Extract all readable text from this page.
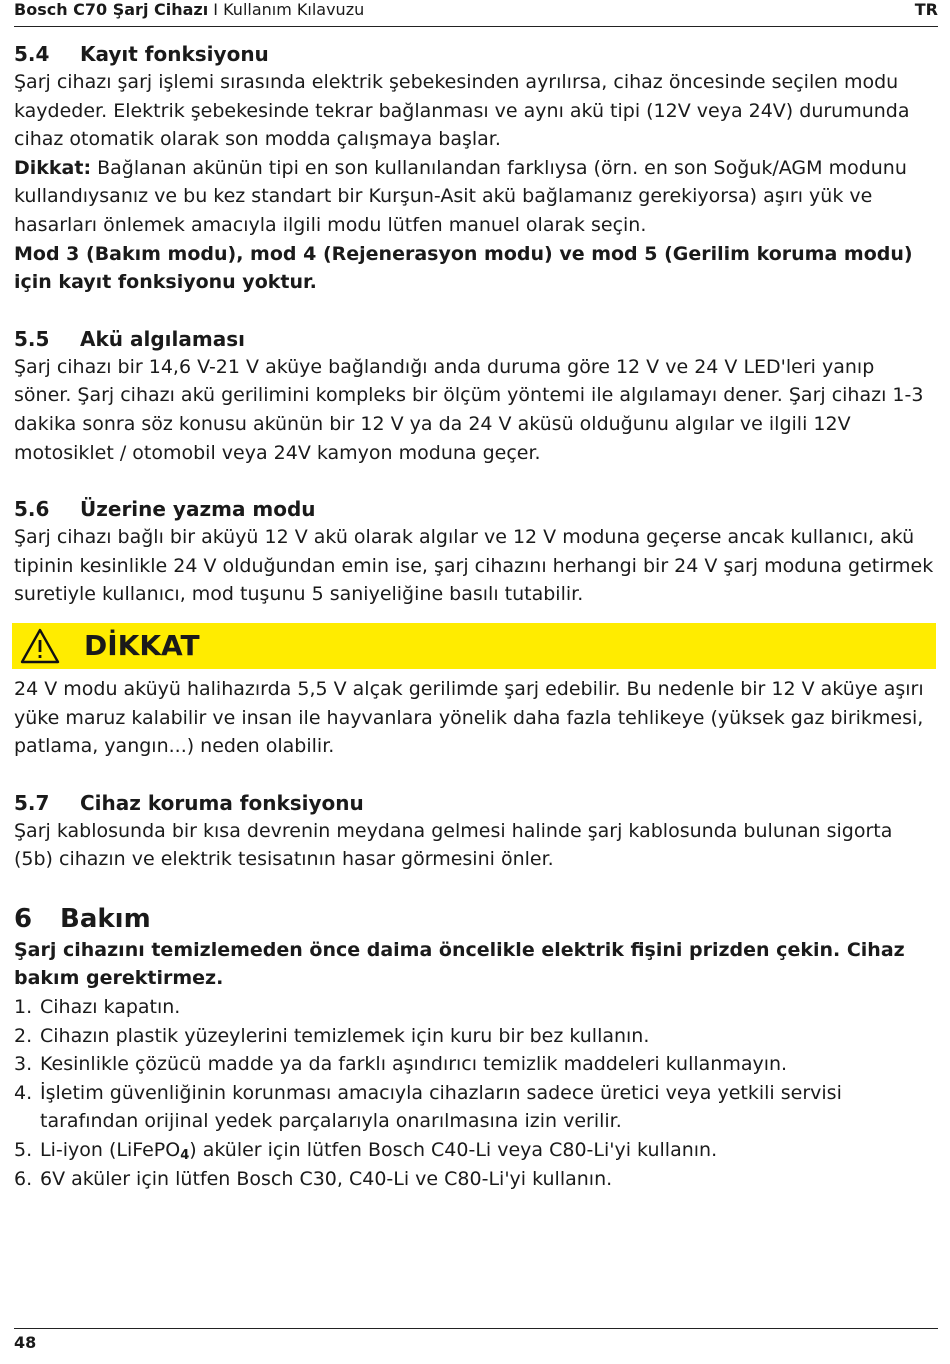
Bosch C70 Şarj Cihazı I Kullanım Kılavuzu	TR
5.4 Kayıt fonksiyonu

Şarj cihazı şarj işlemi sırasında elektrik şebekesinden ayrılırsa, cihaz öncesinde seçilen modu kaydeder. Elektrik şebekesinde tekrar bağlanması ve aynı akü tipi (12V veya 24V) durumunda cihaz otomatik olarak son modda çalışmaya başlar.

Dikkat: Bağlanan akünün tipi en son kullanılandan farklıysa (örn. en son Soğuk/AGM modunu kullandıysanız ve bu kez standart bir Kurşun-Asit akü bağlamanız gerekiyorsa) aşırı yük ve hasarları önlemek amacıyla ilgili modu lütfen manuel olarak seçin.

Mod 3 (Bakım modu), mod 4 (Rejenerasyon modu) ve mod 5 (Gerilim koruma modu) için kayıt fonksiyonu yoktur.

5.5 Akü algılaması

Şarj cihazı bir 14,6 V-21 V aküye bağlandığı anda duruma göre 12 V ve 24 V LED'leri yanıp söner. Şarj cihazı akü gerilimini kompleks bir ölçüm yöntemi ile algılamayı dener. Şarj cihazı 1-3 dakika sonra söz konusu akünün bir 12 V ya da 24 V aküsü olduğunu algılar ve ilgili 12V motosiklet / otomobil veya 24V kamyon moduna geçer.

5.6 Üzerine yazma modu

Şarj cihazı bağlı bir aküyü 12 V akü olarak algılar ve 12 V moduna geçerse ancak kullanıcı, akü tipinin kesinlikle 24 V olduğundan emin ise, şarj cihazını herhangi bir 24 V şarj moduna getirmek suretiyle kullanıcı, mod tuşunu 5 saniyeliğine basılı tutabilir.

DİKKAT

24 V modu aküyü halihazırda 5,5 V alçak gerilimde şarj edebilir. Bu nedenle bir 12 V aküye aşırı yüke maruz kalabilir ve insan ile hayvanlara yönelik daha fazla tehlikeye (yüksek gaz birikmesi, patlama, yangın...) neden olabilir.

5.7 Cihaz koruma fonksiyonu

Şarj kablosunda bir kısa devrenin meydana gelmesi halinde şarj kablosunda bulunan sigorta (5b) cihazın ve elektrik tesisatının hasar görmesini önler.

6 Bakım

Şarj cihazını temizlemeden önce daima öncelikle elektrik fişini prizden çekin. Cihaz bakım gerektirmez.

1. Cihazı kapatın.
2. Cihazın plastik yüzeylerini temizlemek için kuru bir bez kullanın.
3. Kesinlikle çözücü madde ya da farklı aşındırıcı temizlik maddeleri kullanmayın.
4. İşletim güvenliğinin korunması amacıyla cihazların sadece üretici veya yetkili servisi tarafından orijinal yedek parçalarıyla onarılmasına izin verilir.
5. Li-iyon (LiFePO$_4$) aküler için lütfen Bosch C40-Li veya C80-Li'yi kullanın.
6. 6V aküler için lütfen Bosch C30, C40-Li ve C80-Li'yi kullanın.
48
